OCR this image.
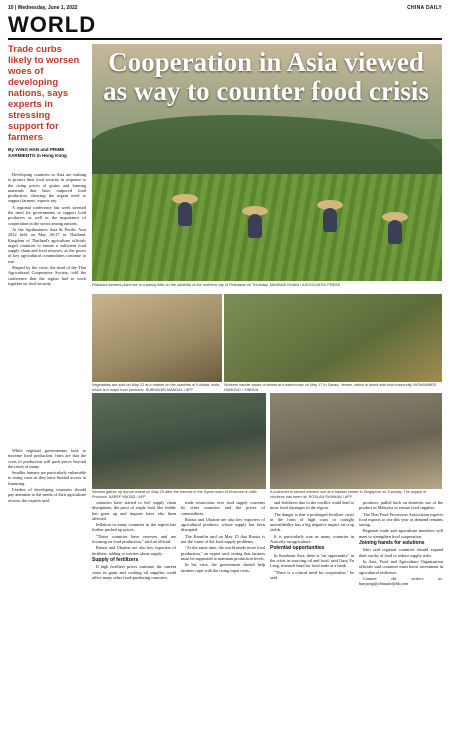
10 | Wednesday, June 1, 2022	CHINA DAILY
WORLD
Trade curbs likely to worsen woes of developing nations, says experts in stressing support for farmers
By YANG HAN and PRIME SARMIENTO in Hong Kong

Developing countries in Asia are rushing to protect their food security in response to the rising prices of grains and farming materials that have outpaced food production, showing the urgent need to support farmers, experts say.

A regional conference last week stressed the need for governments to support food producers as well as the importance of cooperation in the sector among nations.

At the Agribusiness Asia & Pacific Asia 2022 held on May 26-27 in Thailand, Kingdom of Thailand's agriculture officials urged countries to ensure a sufficient food supply chain and food reserves, as the prices of key agricultural commodities continue to rise.

Shaped by the crisis, the head of the Thai Agricultural Cooperative Society, told the conference that the region had to work together on food security.

While regional governments look to increase food production, fears are that the costs of production will push prices beyond the reach of many.

Smaller farmers are particularly vulnerable to rising costs as they have limited access to financing.

Leaders of developing countries should pay attention to the needs of their agriculture sectors, the experts said.

Cooperation in Asia viewed as way to counter food crisis
Pakistani farmers plant rice in a paddy field on the outskirts of the northern city of Peshawar on Thursday. MAHBUB GHANI / ASSOCIATED PRESS
Vegetables are sold on May 22 at a market on the outskirts of Kolkata, India, which is a major food producer. SUBHAYAN MANDAL / AFP
Workers handle sacks of wheat at a warehouse on May 17 in Sanaa, Yemen, which is faced with food insecurity. MOHAMMED HAMOUD / XINHUA
Women gather up durum wheat on May 20 after the harvest in the Syrian town of Kharroub in Idlib Province. AAREF WATAD / AFP
A customer is served chicken rice at a hawker center in Singapore on Tuesday. The supply of chickens has been hit. ROSLAN RAHMAN / AFP

countries have started to feel supply chain disruptions, the price of staple food like fodder has gone up and imports have also been affected.

Inflation in many countries in the region has further pushed up prices.

"These countries have reserves and are focusing on food production," said an official.

Russia and Ukraine are also key exporters of fertilizer, adding to worries about supply.

Supply of fertilizers

If high fertilizer prices continue, the current crisis in grain and cooking oil supplies could affect many other food-producing countries.

trade restrictions over food supply concerns by other countries and the prices of commodities.

Russia and Ukraine are also key exporters of agricultural products, whose supply has been disrupted.

The Kremlin said on May 25 that Russia is not the cause of the food supply problems.

"At the same time, the world needs more food production," an expert said, noting that farmers must be supported to maintain production levels.

In his view, the government should help farmers cope with the rising input costs.

and fertilizers due to the conflict could lead to more food shortages in the region.

The danger is that a prolonged fertilizer crisis in the form of high costs or outright unavailability has a big negative impact on crop yields.

It is particularly true as many countries in Asia rely on agriculture.

Potential opportunities

In Southeast Asia, there is "an opportunity" in the crisis in sourcing oil and food, said Gusy Yu Leng, research head for food trade at a bank.

"There is a critical need for cooperation," he said.

producer, pulled back on domestic use of the product in Malaysia to ensure food supplies.

The Thai Food Processors Association expects food exports to rise this year as demand remains strong.

Regional trade and agriculture ministers will meet to strengthen food cooperation.

Joining hands for solutions

Ishii said regional countries should expand their stocks of food to reduce supply risks.

In Asia, Food and Agriculture Organization officials said countries must boost investment in agricultural resilience.

Contact the writers at: hanyang@chinadailyhk.com
